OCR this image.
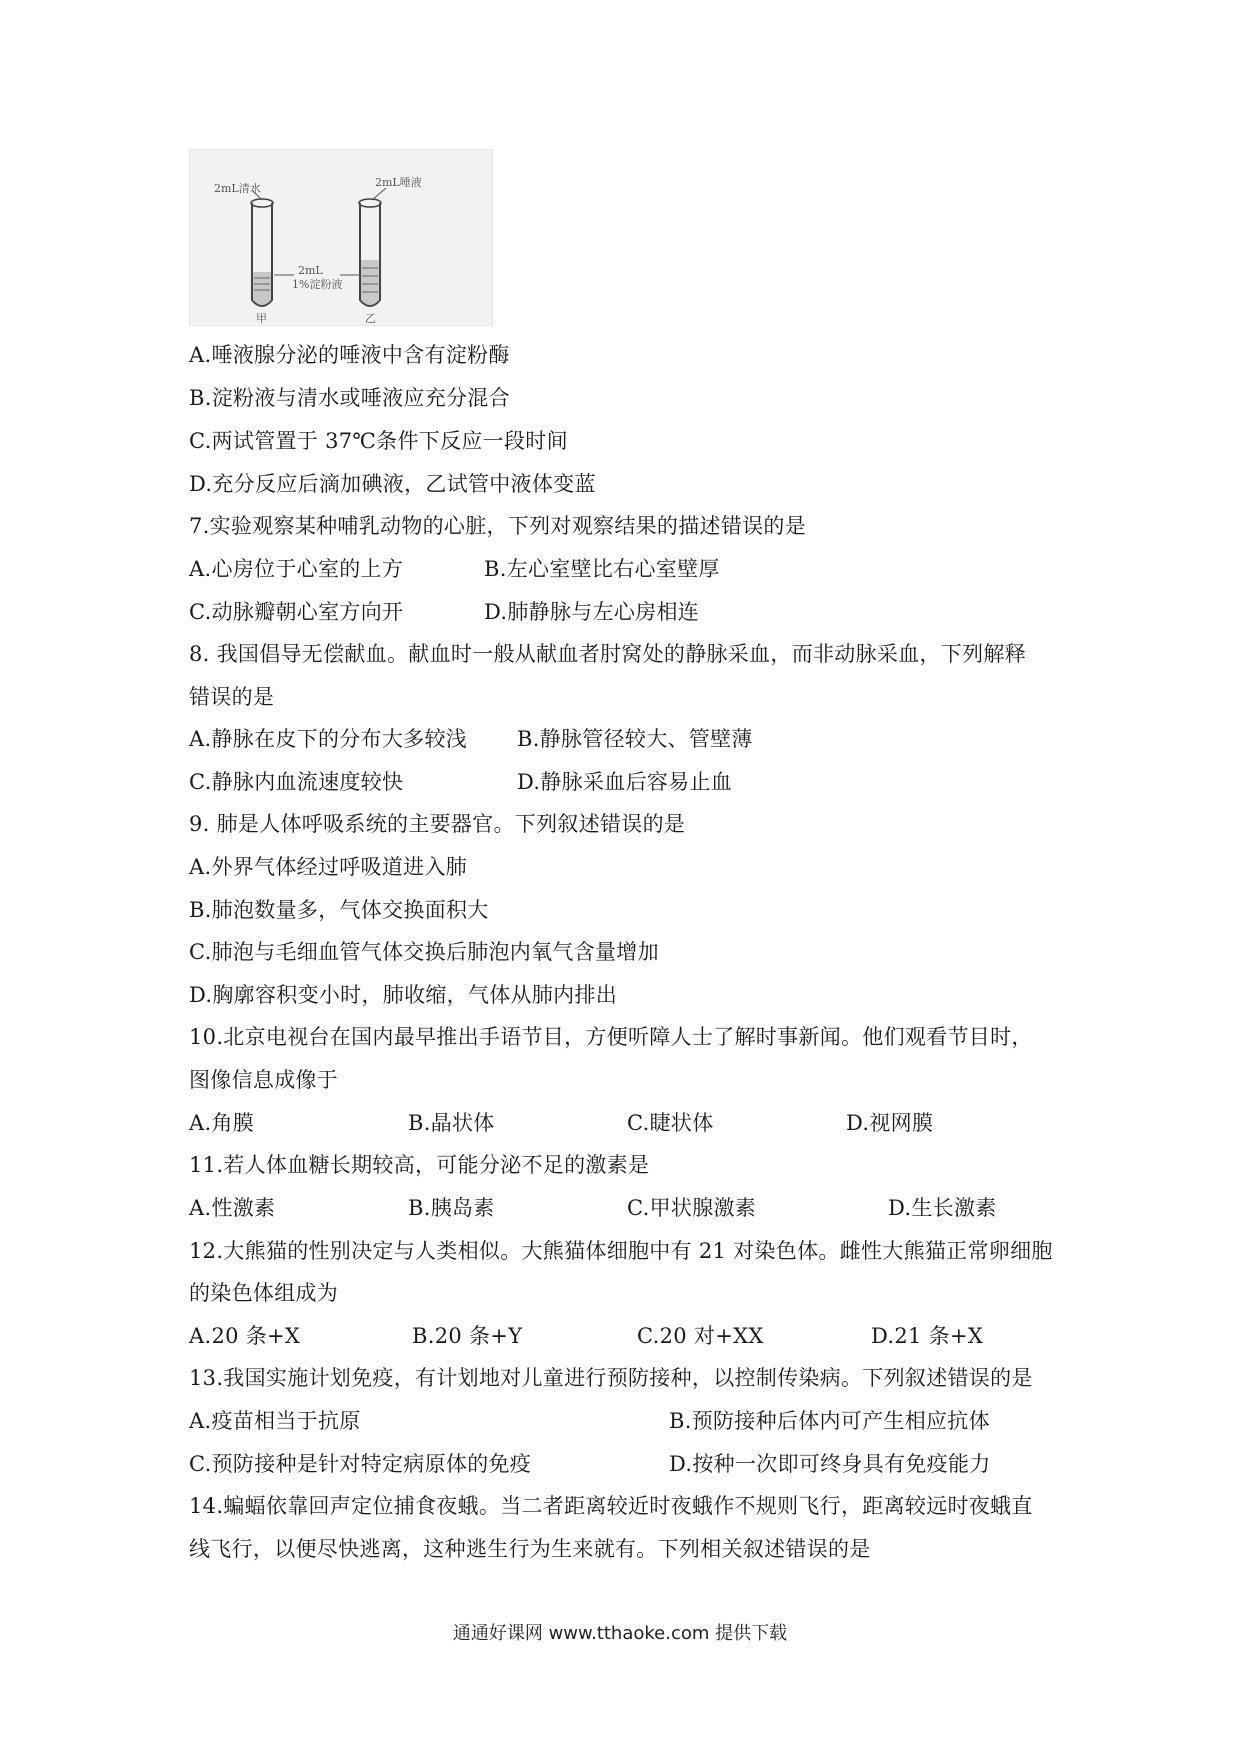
2mL清水	2mL唾液
2mL
1%淀粉液
甲	乙
A.唾液腺分泌的唾液中含有淀粉酶
B.淀粉液与清水或唾液应充分混合
C.两试管置于 37℃条件下反应一段时间
D.充分反应后滴加碘液，乙试管中液体变蓝
7.实验观察某种哺乳动物的心脏，下列对观察结果的描述错误的是
A.心房位于心室的上方	B.左心室壁比右心室壁厚
C.动脉瓣朝心室方向开	D.肺静脉与左心房相连
8. 我国倡导无偿献血。献血时一般从献血者肘窝处的静脉采血，而非动脉采血，下列解释
错误的是
A.静脉在皮下的分布大多较浅 B.静脉管径较大、管壁薄
C.静脉内血流速度较快	D.静脉采血后容易止血
9. 肺是人体呼吸系统的主要器官。下列叙述错误的是
A.外界气体经过呼吸道进入肺
B.肺泡数量多，气体交换面积大
C.肺泡与毛细血管气体交换后肺泡内氧气含量增加
D.胸廓容积变小时，肺收缩，气体从肺内排出
10.北京电视台在国内最早推出手语节目，方便听障人士了解时事新闻。他们观看节目时，
图像信息成像于
A.角膜	B.晶状体	C.睫状体	D.视网膜
11.若人体血糖长期较高，可能分泌不足的激素是
A.性激素	B.胰岛素	C.甲状腺激素	D.生长激素
12.大熊猫的性别决定与人类相似。大熊猫体细胞中有 21 对染色体。雌性大熊猫正常卵细胞
的染色体组成为
A.20 条+X	B.20 条+Y	C.20 对+XX	D.21 条+X
13.我国实施计划免疫，有计划地对儿童进行预防接种，以控制传染病。下列叙述错误的是
A.疫苗相当于抗原	B.预防接种后体内可产生相应抗体
C.预防接种是针对特定病原体的免疫	D.按种一次即可终身具有免疫能力
14.蝙蝠依靠回声定位捕食夜蛾。当二者距离较近时夜蛾作不规则飞行，距离较远时夜蛾直
线飞行，以便尽快逃离，这种逃生行为生来就有。下列相关叙述错误的是
通通好课网 www.tthaoke.com 提供下载
